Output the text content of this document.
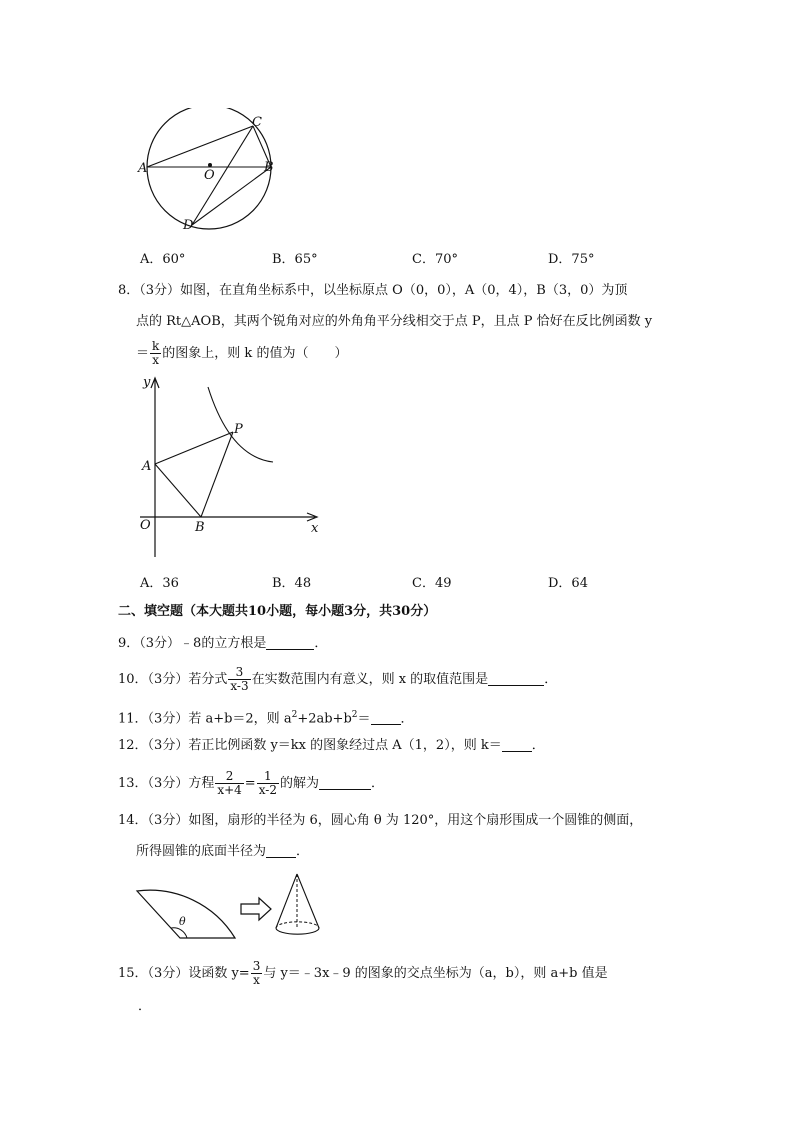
A	B
C
D
O
A．60°	B．65°	C．70°	D．75°
8．（3分）如图，在直角坐标系中，以坐标原点 O（0，0），A（0，4），B（3，0）为顶
点的 Rt△AOB，其两个锐角对应的外角角平分线相交于点 P，且点 P 恰好在反比例函数 y
＝ $\frac{k}{x}$ 的图象上，则 k 的值为（　　）
y
x
O
A
B
P
A．36	B．48	C．49	D．64
二、填空题（本大题共10小题，每小题3分，共30分）
9．（3分）﹣8的立方根是	．
10．（3分）若分式 $\frac{3}{x-3}$ 在实数范围内有意义，则 x 的取值范围是	．
11．（3分）若 a+b＝2，则 $a^2+2ab+b^2=$ ．
12．（3分）若正比例函数 y＝kx 的图象经过点 A（1，2），则 k＝ ．
13．（3分）方程 $\frac{2}{x+4} = \frac{1}{x-2}$ 的解为	．
14．（3分）如图，扇形的半径为 6，圆心角 θ 为 120°，用这个扇形围成一个圆锥的侧面，
所得圆锥的底面半径为 ．
θ
15．（3分）设函数 $y= \frac{3}{x}$ 与 y＝﹣3x﹣9 的图象的交点坐标为（a，b），则 a+b 值是
．
